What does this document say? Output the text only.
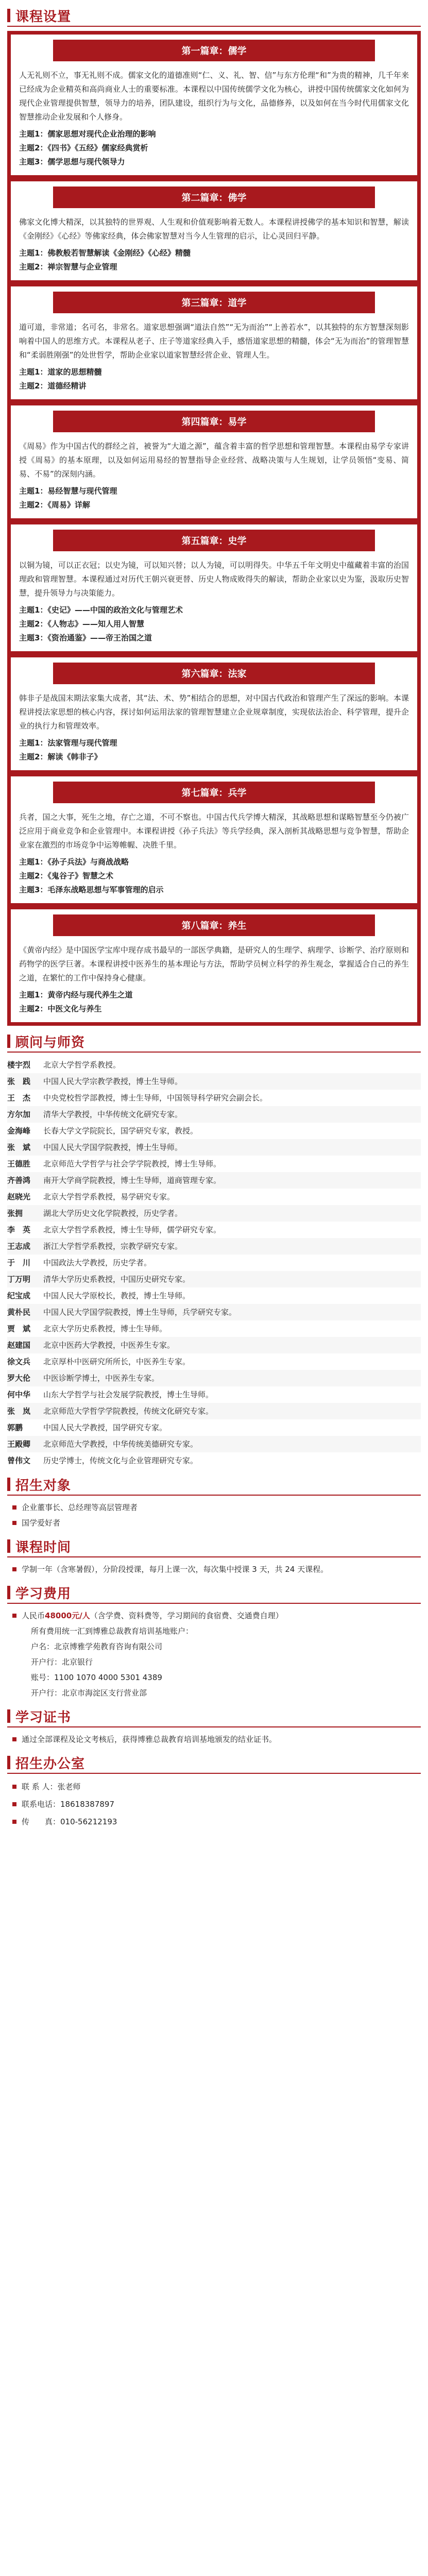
课程设置
第一篇章：儒学
人无礼则不立，事无礼则不成。儒家文化的道德准则“仁、义、礼、智、信”与东方伦理“和”为贵的精神，几千年来已经成为企业精英和高尚商业人士的重要标准。本课程以中国传统儒学文化为核心，讲授中国传统儒家文化如何为现代企业管理提供智慧，领导力的培养，团队建设，组织行为与文化，品德修养，以及如何在当今时代用儒家文化智慧推动企业发展和个人修身。
主题1：儒家思想对现代企业治理的影响
主题2：《四书》《五经》儒家经典赏析
主题3：儒学思想与现代领导力
第二篇章：佛学
佛家文化博大精深，以其独特的世界观、人生观和价值观影响着无数人。本课程讲授佛学的基本知识和智慧，解读《金刚经》《心经》等佛家经典，体会佛家智慧对当今人生管理的启示，让心灵回归平静。
主题1：佛教般若智慧解读《金刚经》《心经》精髓
主题2：禅宗智慧与企业管理
第三篇章：道学
道可道，非常道；名可名，非常名。道家思想强调“道法自然”“无为而治”“上善若水”，以其独特的东方智慧深刻影响着中国人的思维方式。本课程从老子、庄子等道家经典入手，感悟道家思想的精髓，体会“无为而治”的管理智慧和“柔弱胜刚强”的处世哲学，帮助企业家以道家智慧经营企业、管理人生。
主题1：道家的思想精髓
主题2：道德经精讲
第四篇章：易学
《周易》作为中国古代的群经之首，被誉为“大道之源”，蕴含着丰富的哲学思想和管理智慧。本课程由易学专家讲授《周易》的基本原理，以及如何运用易经的智慧指导企业经营、战略决策与人生规划，让学员领悟“变易、简易、不易”的深刻内涵。
主题1：易经智慧与现代管理
主题2：《周易》详解
第五篇章：史学
以铜为镜，可以正衣冠；以史为镜，可以知兴替；以人为镜，可以明得失。中华五千年文明史中蕴藏着丰富的治国理政和管理智慧。本课程通过对历代王朝兴衰更替、历史人物成败得失的解读，帮助企业家以史为鉴，汲取历史智慧，提升领导力与决策能力。
主题1：《史记》——中国的政治文化与管理艺术
主题2：《人物志》——知人用人智慧
主题3：《资治通鉴》——帝王治国之道
第六篇章：法家
韩非子是战国末期法家集大成者，其“法、术、势”相结合的思想，对中国古代政治和管理产生了深远的影响。本课程讲授法家思想的核心内容，探讨如何运用法家的管理智慧建立企业规章制度，实现依法治企、科学管理，提升企业的执行力和管理效率。
主题1：法家管理与现代管理
主题2：解读《韩非子》
第七篇章：兵学
兵者，国之大事，死生之地，存亡之道，不可不察也。中国古代兵学博大精深，其战略思想和谋略智慧至今仍被广泛应用于商业竞争和企业管理中。本课程讲授《孙子兵法》等兵学经典，深入剖析其战略思想与竞争智慧，帮助企业家在激烈的市场竞争中运筹帷幄、决胜千里。
主题1：《孙子兵法》与商战战略
主题2：《鬼谷子》智慧之术
主题3：毛泽东战略思想与军事管理的启示
第八篇章：养生
《黄帝内经》是中国医学宝库中现存成书最早的一部医学典籍，是研究人的生理学、病理学、诊断学、治疗原则和药物学的医学巨著。本课程讲授中医养生的基本理论与方法，帮助学员树立科学的养生观念，掌握适合自己的养生之道，在繁忙的工作中保持身心健康。
主题1：黄帝内经与现代养生之道
主题2：中医文化与养生
顾问与师资
楼宇烈	北京大学哲学系教授。
张　践	中国人民大学宗教学教授，博士生导师。
王　杰	中央党校哲学部教授，博士生导师，中国领导科学研究会副会长。
方尔加	清华大学教授，中华传统文化研究专家。
金海峰	长春大学文学院院长，国学研究专家，教授。
张　斌	中国人民大学国学院教授，博士生导师。
王德胜	北京师范大学哲学与社会学学院教授，博士生导师。
齐善鸿	南开大学商学院教授，博士生导师，道商管理专家。
赵晓光	北京大学哲学系教授，易学研究专家。
张拥	湖北大学历史文化学院教授，历史学者。
李　英	北京大学哲学系教授，博士生导师，儒学研究专家。
王志成	浙江大学哲学系教授，宗教学研究专家。
于　川	中国政法大学教授，历史学者。
丁万明	清华大学历史系教授，中国历史研究专家。
纪宝成	中国人民大学原校长，教授，博士生导师。
黄朴民	中国人民大学国学院教授，博士生导师，兵学研究专家。
贾　斌	北京大学历史系教授，博士生导师。
赵建国	北京中医药大学教授，中医养生专家。
徐文兵	北京厚朴中医研究所所长，中医养生专家。
罗大伦	中医诊断学博士，中医养生专家。
何中华	山东大学哲学与社会发展学院教授，博士生导师。
张　岚	北京师范大学哲学学院教授，传统文化研究专家。
郭鹏	中国人民大学教授，国学研究专家。
王殿卿	北京师范大学教授，中华传统美德研究专家。
曾伟文	历史学博士，传统文化与企业管理研究专家。
招生对象
企业董事长、总经理等高层管理者
国学爱好者
课程时间
学制一年（含寒暑假），分阶段授课，每月上课一次，每次集中授课 3 天，共 24 天课程。
学习费用
人民币48000元/人（含学费、资料费等，学习期间的食宿费、交通费自理）
所有费用统一汇到博雅总裁教育培训基地账户：
户名：北京博雅学苑教育咨询有限公司
开户行：北京银行
账号：1100 1070 4000 5301 4389
开户行：北京市海淀区支行营业部
学习证书
通过全部课程及论文考核后，获得博雅总裁教育培训基地颁发的结业证书。
招生办公室
联 系 人： 张老师
联系电话： 18618387897
传　　真： 010-56212193
